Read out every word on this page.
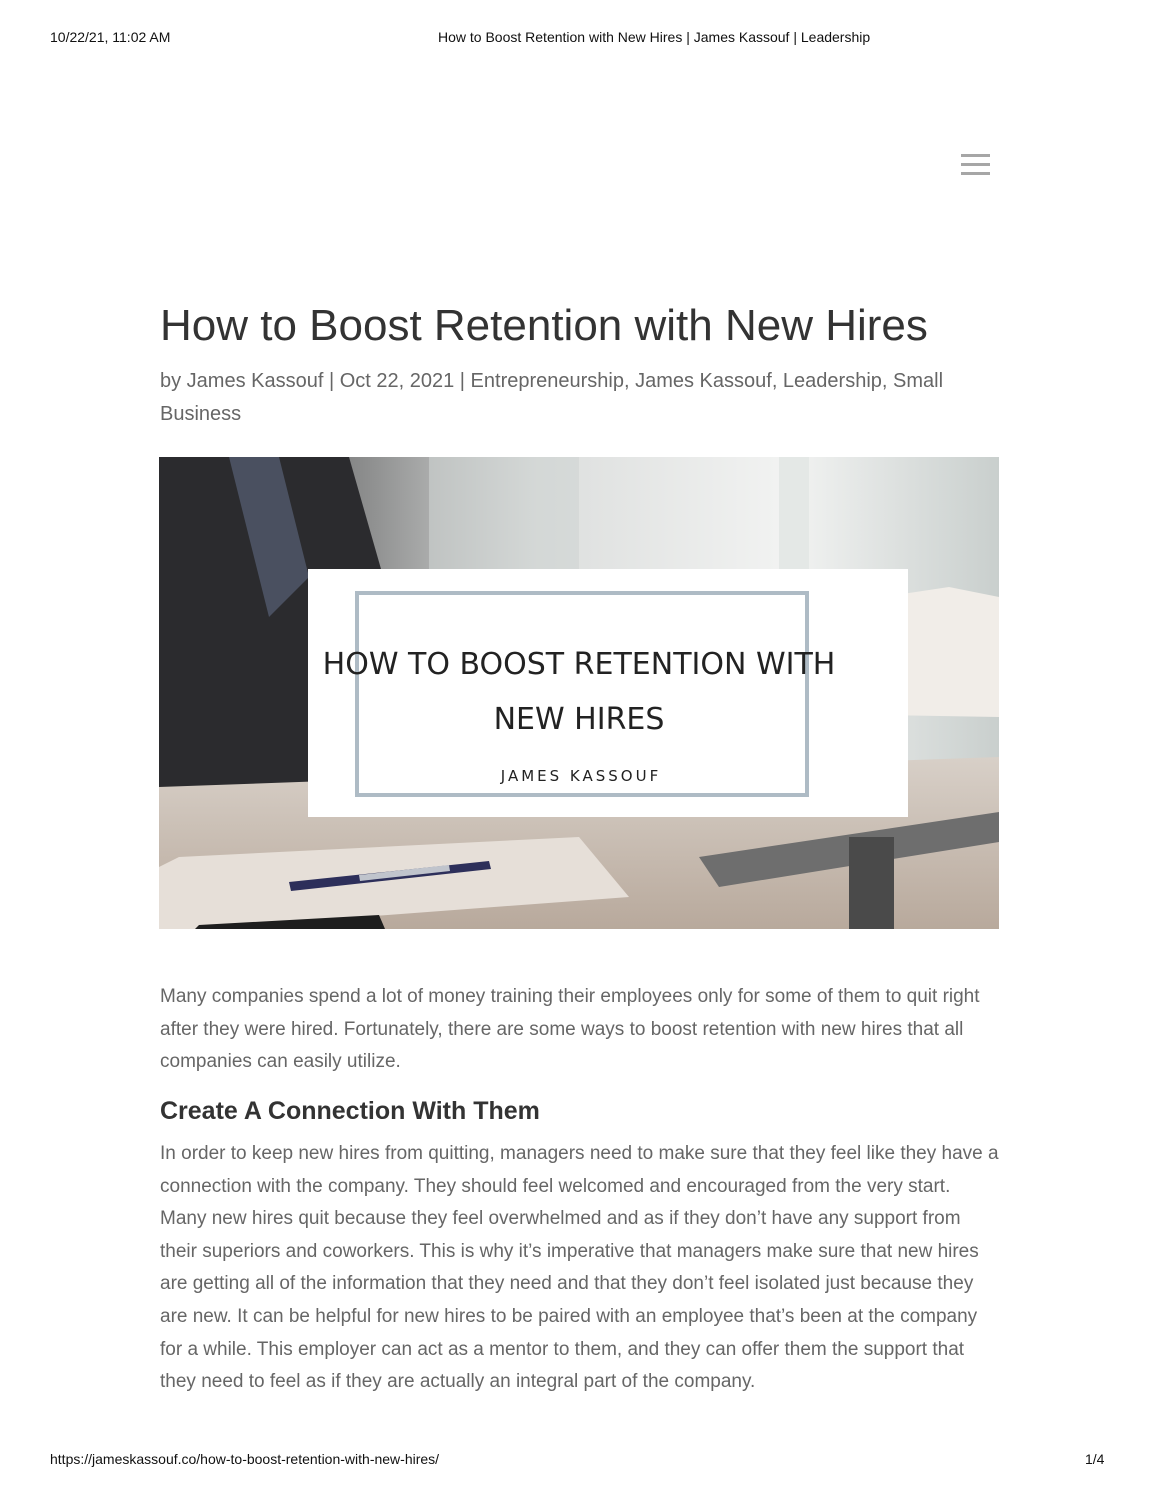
10/22/21, 11:02 AM	How to Boost Retention with New Hires | James Kassouf | Leadership
How to Boost Retention with New Hires
by James Kassouf | Oct 22, 2021 | Entrepreneurship, James Kassouf, Leadership, Small Business
HOW TO BOOST RETENTION WITH
NEW HIRES
JAMES KASSOUF

Many companies spend a lot of money training their employees only for some of them to quit right after they were hired. Fortunately, there are some ways to boost retention with new hires that all companies can easily utilize.

Create A Connection With Them

In order to keep new hires from quitting, managers need to make sure that they feel like they have a connection with the company. They should feel welcomed and encouraged from the very start. Many new hires quit because they feel overwhelmed and as if they don’t have any support from their superiors and coworkers. This is why it’s imperative that managers make sure that new hires are getting all of the information that they need and that they don’t feel isolated just because they are new. It can be helpful for new hires to be paired with an employee that’s been at the company for a while. This employer can act as a mentor to them, and they can offer them the support that they need to feel as if they are actually an integral part of the company.

https://jameskassouf.co/how-to-boost-retention-with-new-hires/	1/4
